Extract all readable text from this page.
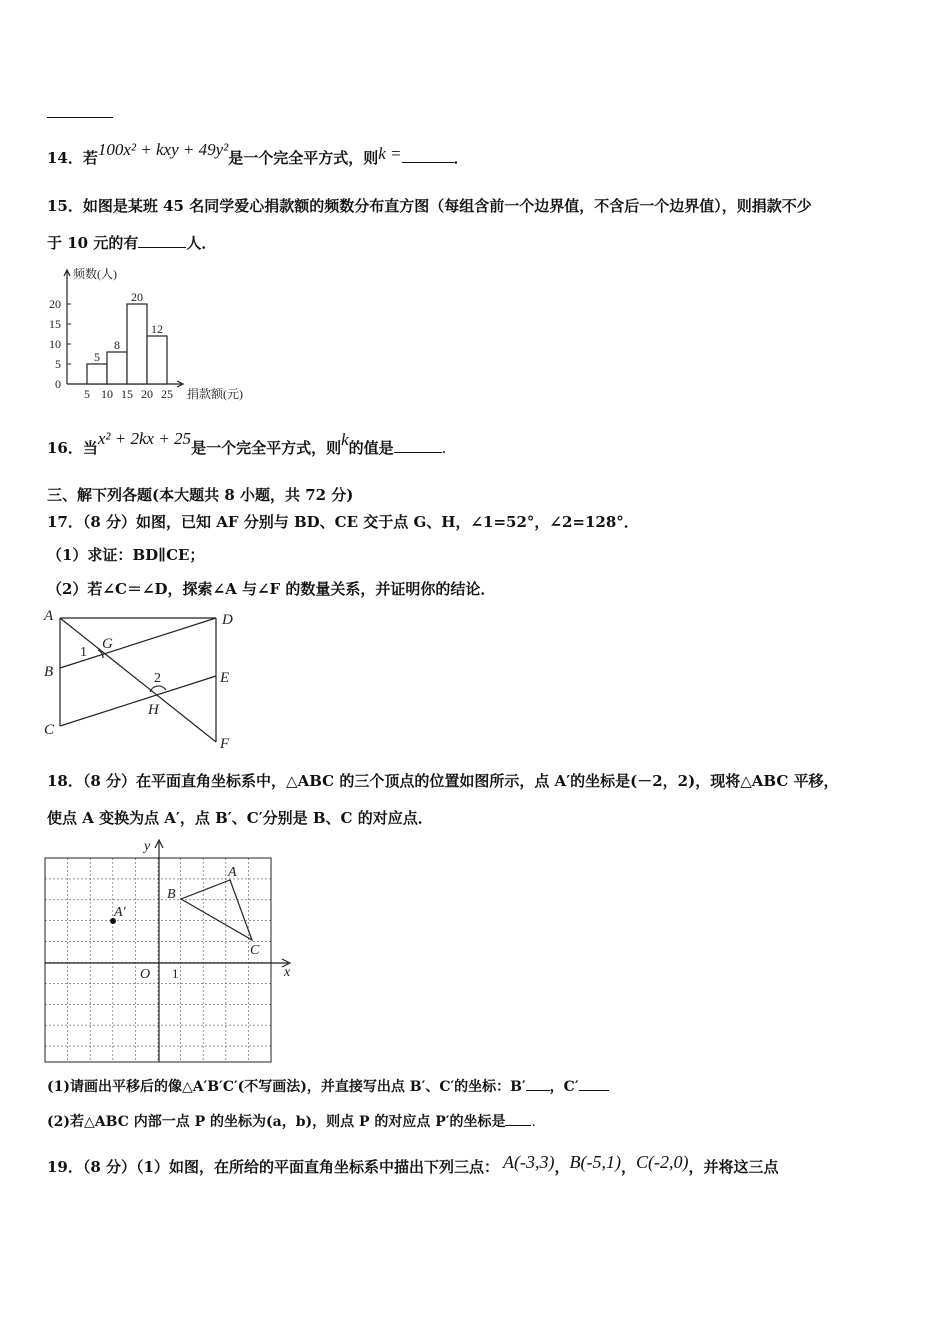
14．若100x² + kxy + 49y²是一个完全平方式，则k =	．
15．如图是某班 45 名同学爱心捐款额的频数分布直方图（每组含前一个边界值，不含后一个边界值），则捐款不少
于 10 元的有	人．
0
5
10
15
20
5 10 15 20 25
5
8
20
12
频数(人)
捐款额(元)
16．当x² + 2kx + 25是一个完全平方式，则k的值是	.
三、解下列各题(本大题共 8 小题，共 72 分)
17．（8 分）如图，已知 AF 分别与 BD、CE 交于点 G、H，∠1=52°，∠2=128°．
（1）求证：BD∥CE；
（2）若∠C＝∠D，探索∠A 与∠F 的数量关系，并证明你的结论．
A	D
B	E
C
F
G
H
1
2
18．（8 分）在平面直角坐标系中，△ABC 的三个顶点的位置如图所示，点 A′的坐标是(－2，2)，现将△ABC 平移，
使点 A 变换为点 A′，点 B′、C′分别是 B、C 的对应点．
y
x
O
A
B
C
A′
1
(1)请画出平移后的像△A′B′C′(不写画法)，并直接写出点 B′、C′的坐标：B′ ，C′
(2)若△ABC 内部一点 P 的坐标为(a，b)，则点 P 的对应点 P′的坐标是 .
19．（8 分）（1）如图，在所给的平面直角坐标系中描出下列三点： A(-3,3)，B(-5,1)，C(-2,0)，并将这三点
